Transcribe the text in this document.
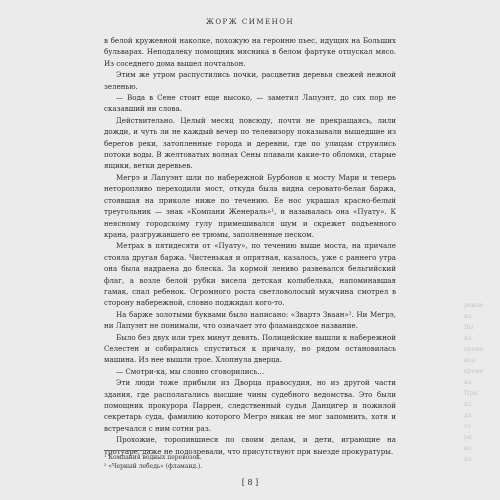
ЖОРЖ СИМЕНОН

в белой кружевной наколке, похожую на героиню пьес, идущих на Больших бульварах. Неподалеку помощник мясника в белом фартуке отпускал мясо. Из соседнего дома вышел почтальон.

Этим же утром распустились почки, расцветив деревья свежей нежной зеленью.

— Вода в Сене стоит еще высоко, — заметил Лапуэнт, до сих пор не сказавший ни слова.

Действительно. Целый месяц повсюду, почти не прекращаясь, лили дожди, и чуть ли не каждый вечер по телевизору показывали вышедшие из берегов реки, затопленные города и деревни, где по улицам струились потоки воды. В желтоватых волнах Сены плавали какие-то обломки, старые ящики, ветки деревьев.

Мегрэ и Лапуэнт шли по набережной Бурбонов к мосту Мари и теперь неторопливо переходили мост, откуда была видна серовато-белая баржа, стоявшая на приколе ниже по течению. Ее нос украшал красно-белый треугольник — знак «Компани Женераль»¹, и называлась она «Пуату». К неясному городскому гулу примешивался шум и скрежет подъемного крана, разгружавшего ее трюмы, заполненные песком.

Метрах в пятидесяти от «Пуату», по течению выше моста, на причале стояла другая баржа. Чистенькая и опрятная, казалось, уже с раннего утра она была надраена до блеска. За кормой лениво развевался бельгийский флаг, а возле белой рубки висела детская колыбелька, напоминавшая гамак, спал ребенок. Огромного роста светловолосый мужчина смотрел в сторону набережной, словно поджидал кого-то.

На барже золотыми буквами было написано: «Звартэ Зваан»². Ни Мегрэ, ни Лапуэнт не понимали, что означает это фламандское название.

Было без двух или трех минут девять. Полицейские вышли к набережной Селестен и собирались спуститься к причалу, но рядом остановилась машина. Из нее вышли трое. Хлопнула дверца.

— Смотри-ка, мы словно сговорились...

Эти люди тоже прибыли из Дворца правосудия, но из другой части здания, где располагались высшие чины судебного ведомства. Это были помощник прокурора Паррен, следственный судья Данцигер и пожилой секретарь суда, фамилию которого Мегрэ никак не мог запомнить, хотя и встречался с ним сотни раз.

Прохожие, торопившиеся по своим делам, и дети, играющие на тротуаре, даже не подозревали, что присутствуют при выезде прокуратуры.

¹ Компания водных перевозок.
² «Черный лебедь» (фламанд.).
[ 8 ]
ровью
на
Вы
на
кроме
ная
кроме
на
При
кл
да
то
ри
на
на
